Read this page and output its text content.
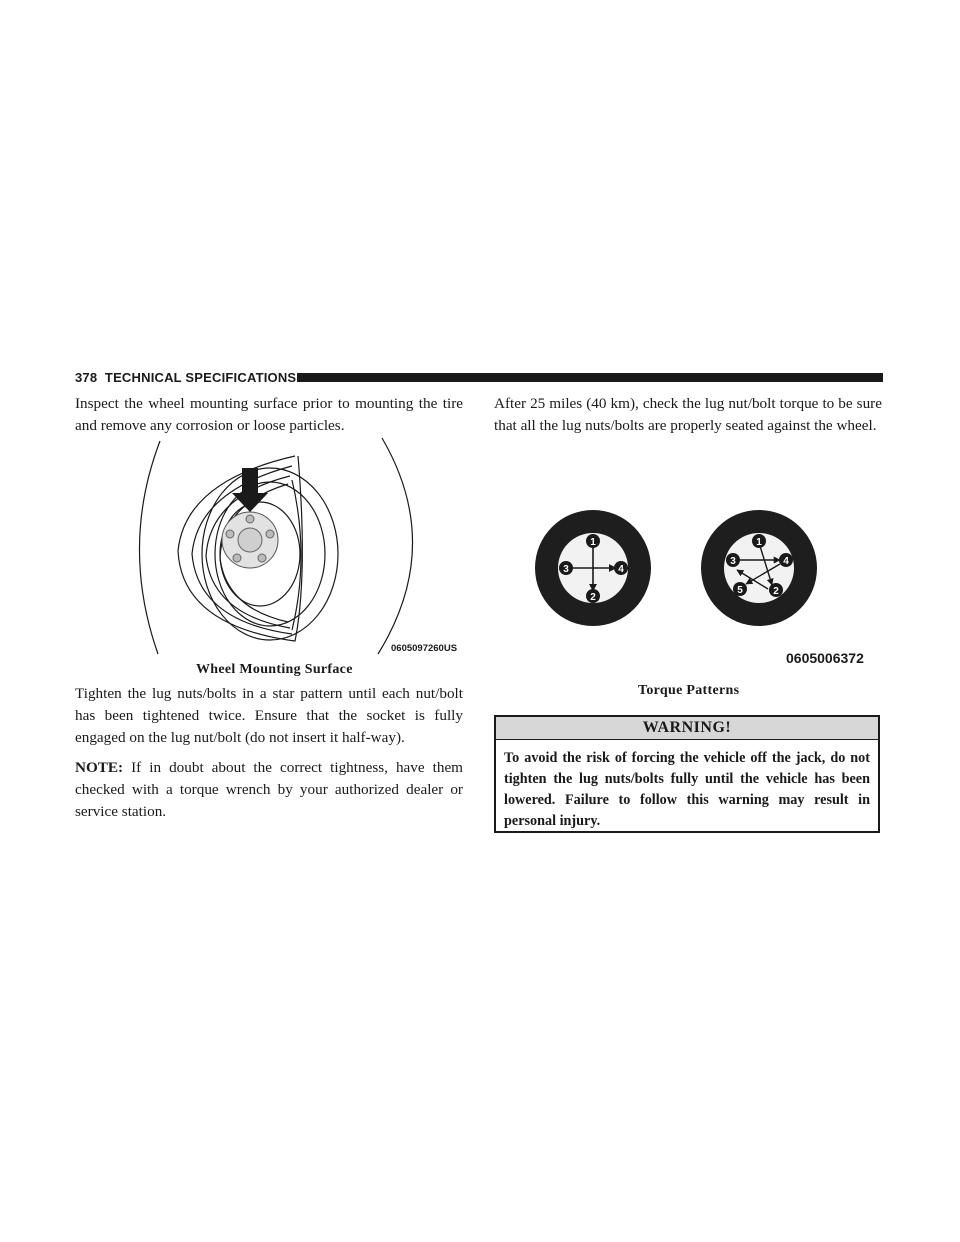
378 TECHNICAL SPECIFICATIONS

Inspect the wheel mounting surface prior to mounting the tire and remove any corrosion or loose particles.

0605097260US
Wheel Mounting Surface

Tighten the lug nuts/bolts in a star pattern until each nut/bolt has been tightened twice. Ensure that the socket is fully engaged on the lug nut/bolt (do not insert it half-way).

NOTE: If in doubt about the correct tightness, have them checked with a torque wrench by your authorized dealer or service station.

After 25 miles (40 km), check the lug nut/bolt torque to be sure that all the lug nuts/bolts are properly seated against the wheel.

1
2
3	4
1
2
3	4
5
0605006372
Torque Patterns
WARNING!
To avoid the risk of forcing the vehicle off the jack, do not tighten the lug nuts/bolts fully until the vehicle has been lowered. Failure to follow this warning may result in personal injury.
